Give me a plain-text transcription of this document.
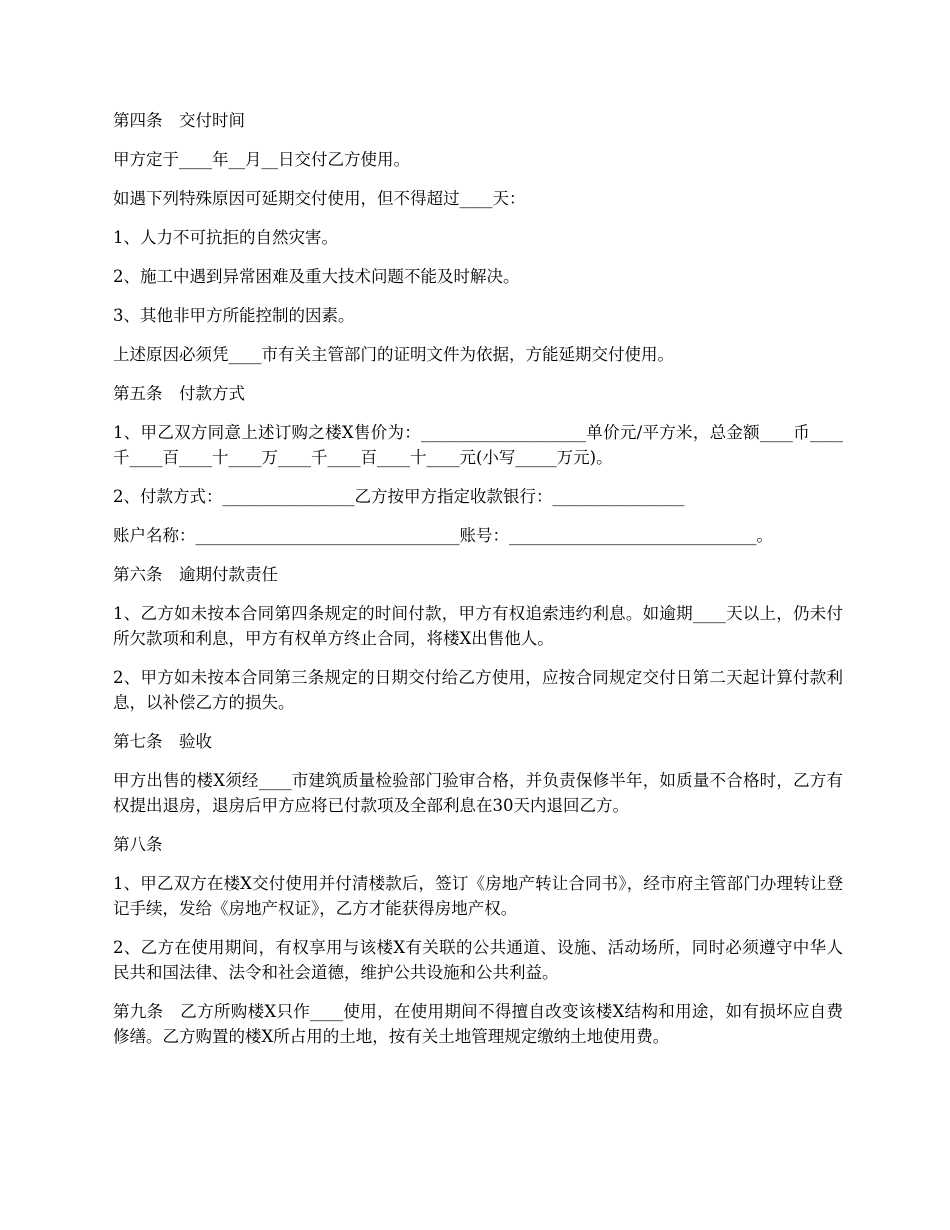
第四条　交付时间

甲方定于____年__月__日交付乙方使用。

如遇下列特殊原因可延期交付使用，但不得超过____天：

1、人力不可抗拒的自然灾害。

2、施工中遇到异常困难及重大技术问题不能及时解决。

3、其他非甲方所能控制的因素。

上述原因必须凭____市有关主管部门的证明文件为依据，方能延期交付使用。

第五条　付款方式

1、甲乙双方同意上述订购之楼X售价为：____________________单价元/平方米，总金额____币____千____百____十____万____千____百____十____元(小写_____万元)。

2、付款方式：________________乙方按甲方指定收款银行：________________

账户名称：________________________________账号：______________________________。

第六条　逾期付款责任

1、乙方如未按本合同第四条规定的时间付款，甲方有权追索违约利息。如逾期____天以上，仍未付所欠款项和利息，甲方有权单方终止合同，将楼X出售他人。

2、甲方如未按本合同第三条规定的日期交付给乙方使用，应按合同规定交付日第二天起计算付款利息，以补偿乙方的损失。

第七条　验收

甲方出售的楼X须经____市建筑质量检验部门验审合格，并负责保修半年，如质量不合格时，乙方有权提出退房，退房后甲方应将已付款项及全部利息在30天内退回乙方。

第八条

1、甲乙双方在楼X交付使用并付清楼款后，签订《房地产转让合同书》，经市府主管部门办理转让登记手续，发给《房地产权证》，乙方才能获得房地产权。

2、乙方在使用期间，有权享用与该楼X有关联的公共通道、设施、活动场所，同时必须遵守中华人民共和国法律、法令和社会道德，维护公共设施和公共利益。

第九条　乙方所购楼X只作____使用，在使用期间不得擅自改变该楼X结构和用途，如有损坏应自费修缮。乙方购置的楼X所占用的土地，按有关土地管理规定缴纳土地使用费。
